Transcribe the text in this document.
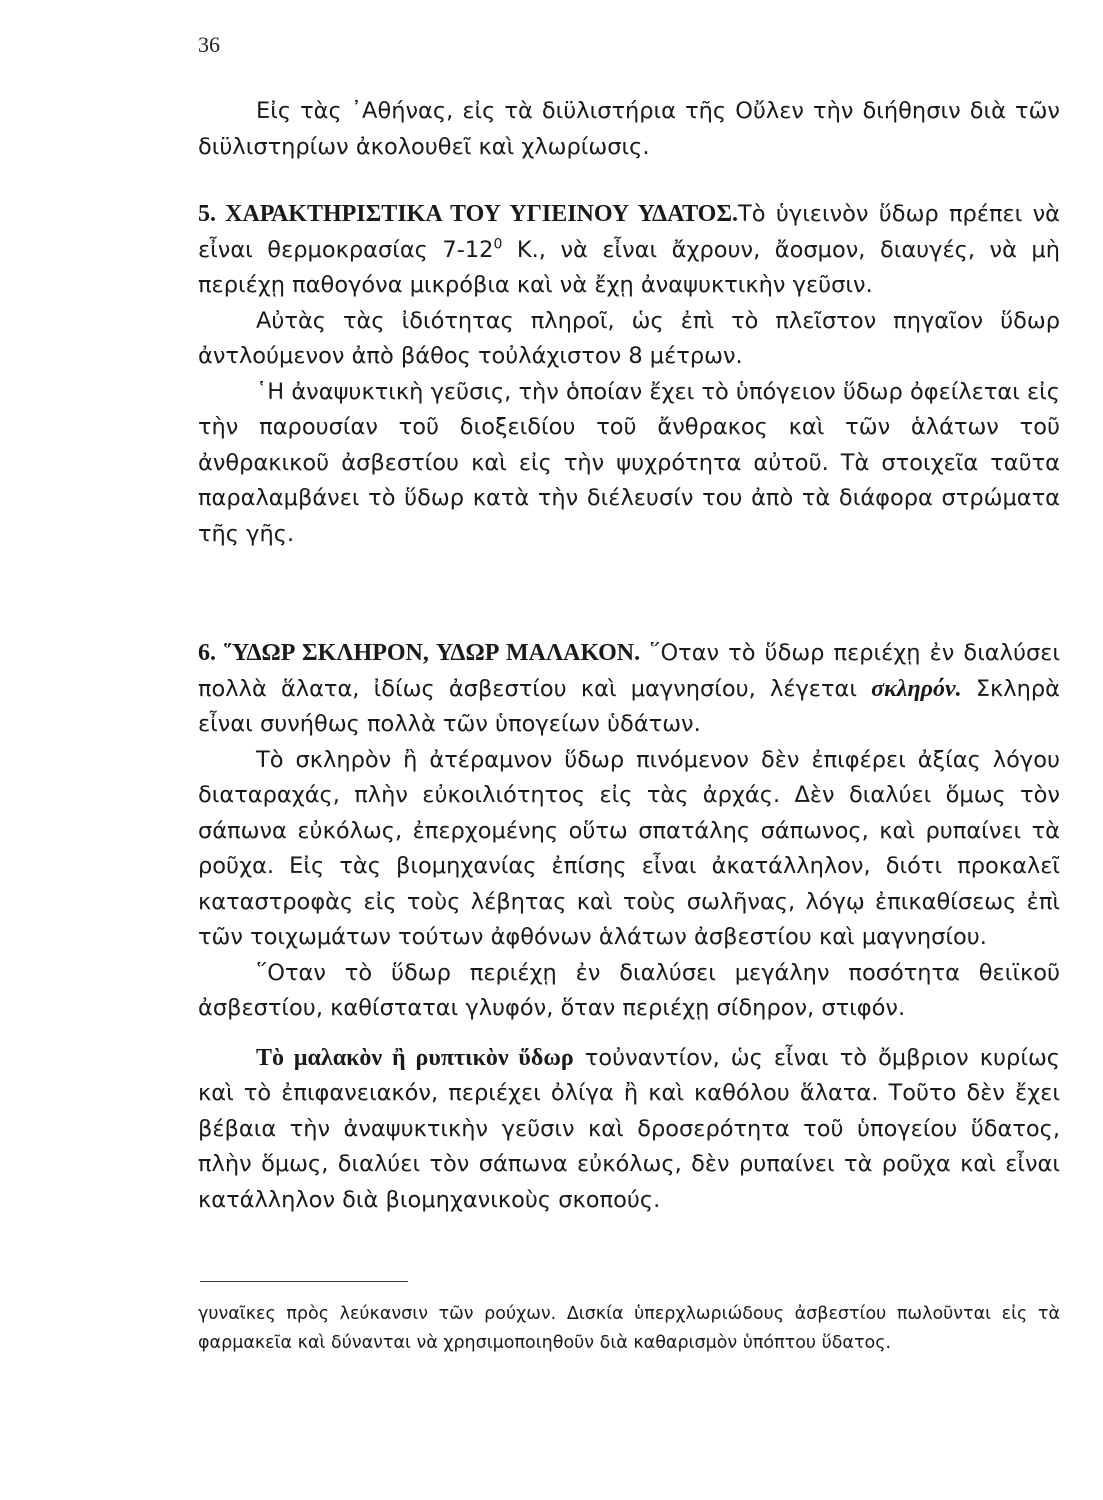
36

Εἰς τὰς ᾿Αθήνας, εἰς τὰ διϋλιστήρια τῆς Οὔλεν τὴν διήθησιν διὰ τῶν διϋλιστηρίων ἀκολουθεῖ καὶ χλωρίωσις.

5. ΧΑΡΑΚΤΗΡΙΣΤΙΚΑ ΤΟΥ ΥΓΙΕΙΝΟΥ ΥΔΑΤΟΣ.Τὸ ὑγιεινὸν ὕδωρ πρέπει νὰ εἶναι θερμοκρασίας $7-12^0$ K., νὰ εἶναι ἄχρουν, ἄοσμον, διαυγές, νὰ μὴ περιέχῃ παθογόνα μικρόβια καὶ νὰ ἔχῃ ἀναψυκτικὴν γεῦσιν.

Αὐτὰς τὰς ἰδιότητας πληροῖ, ὡς ἐπὶ τὸ πλεῖστον πηγαῖον ὕδωρ ἀντλούμενον ἀπὸ βάθος τοὐλάχιστον 8 μέτρων.

῾Η ἀναψυκτικὴ γεῦσις, τὴν ὁποίαν ἔχει τὸ ὑπόγειον ὕδωρ ὀφείλεται εἰς τὴν παρουσίαν τοῦ διοξειδίου τοῦ ἄνθρακος καὶ τῶν ἁλάτων τοῦ ἀνθρακικοῦ ἀσβεστίου καὶ εἰς τὴν ψυχρότητα αὐτοῦ. Τὰ στοιχεῖα ταῦτα παραλαμβάνει τὸ ὕδωρ κατὰ τὴν διέλευσίν του ἀπὸ τὰ διάφορα στρώματα τῆς γῆς.

6. ῞ΥΔΩΡ ΣΚΛΗΡΟΝ, ΥΔΩΡ ΜΑΛΑΚΟΝ. ῞Οταν τὸ ὕδωρ περιέχῃ ἐν διαλύσει πολλὰ ἅλατα, ἰδίως ἀσβεστίου καὶ μαγνησίου, λέγεται σκληρόν. Σκληρὰ εἶναι συνήθως πολλὰ τῶν ὑπογείων ὑδάτων.

Τὸ σκληρὸν ἢ ἀτέραμνον ὕδωρ πινόμενον δὲν ἐπιφέρει ἀξίας λόγου διαταραχάς, πλὴν εὐκοιλιότητος εἰς τὰς ἀρχάς. Δὲν διαλύει ὅμως τὸν σάπωνα εὐκόλως, ἐπερχομένης οὕτω σπατάλης σάπωνος, καὶ ρυπαίνει τὰ ροῦχα. Εἰς τὰς βιομηχανίας ἐπίσης εἶναι ἀκατάλληλον, διότι προκαλεῖ καταστροφὰς εἰς τοὺς λέβητας καὶ τοὺς σωλῆνας, λόγῳ ἐπικαθίσεως ἐπὶ τῶν τοιχωμάτων τούτων ἀφθόνων ἁλάτων ἀσβεστίου καὶ μαγνησίου.

῞Οταν τὸ ὕδωρ περιέχῃ ἐν διαλύσει μεγάλην ποσότητα θειϊκοῦ ἀσβεστίου, καθίσταται γλυφόν, ὅταν περιέχῃ σίδηρον, στιφόν.

Τὸ μαλακὸν ἢ ρυπτικὸν ὕδωρ τοὐναντίον, ὡς εἶναι τὸ ὄμβριον κυρίως καὶ τὸ ἐπιφανειακόν, περιέχει ὀλίγα ἢ καὶ καθόλου ἅλατα. Τοῦτο δὲν ἔχει βέβαια τὴν ἀναψυκτικὴν γεῦσιν καὶ δροσερότητα τοῦ ὑπογείου ὕδατος, πλὴν ὅμως, διαλύει τὸν σάπωνα εὐκόλως, δὲν ρυπαίνει τὰ ροῦχα καὶ εἶναι κατάλληλον διὰ βιομηχανικοὺς σκοπούς.

γυναῖκες πρὸς λεύκανσιν τῶν ρούχων. Δισκία ὑπερχλωριώδους ἀσβεστίου πωλοῦνται εἰς τὰ φαρμακεῖα καὶ δύνανται νὰ χρησιμοποιηθοῦν διὰ καθαρισμὸν ὑπόπτου ὕδατος.
